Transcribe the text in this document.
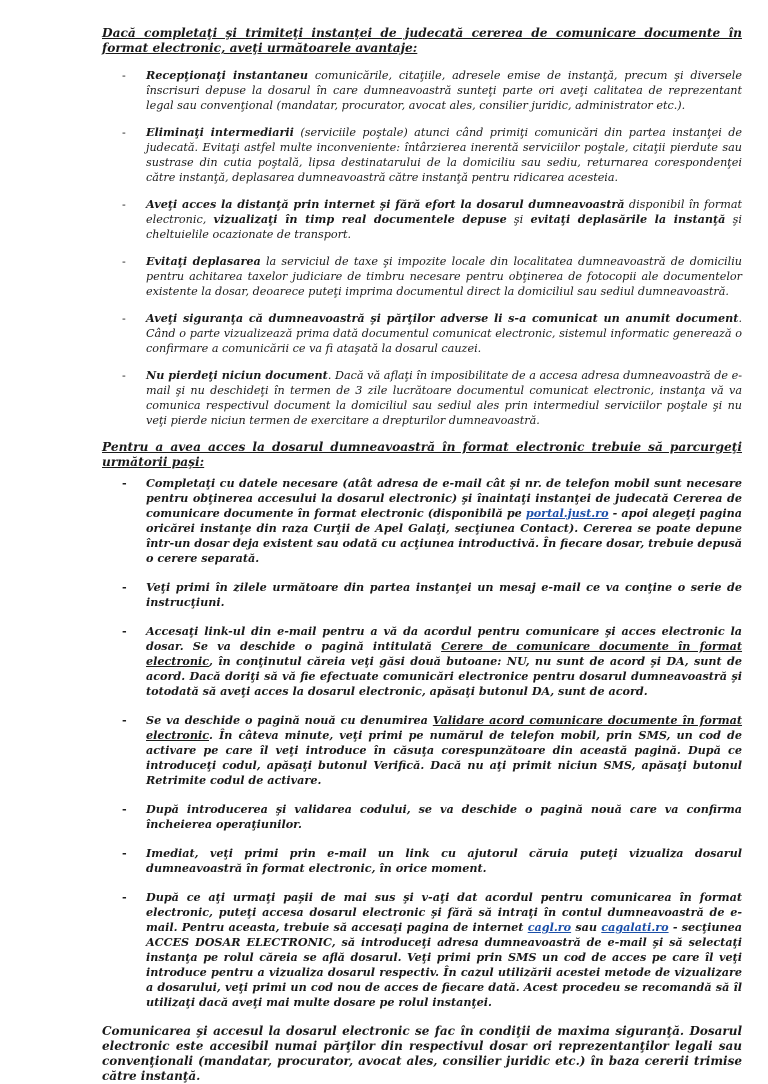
Dacă completaţi şi trimiteţi instanţei de judecată cererea de comunicare documente în format electronic, aveţi următoarele avantaje:

- Recepţionaţi instantaneu comunicările, citaţiile, adresele emise de instanţă, precum şi diversele înscrisuri depuse la dosarul în care dumneavoastră sunteţi parte ori aveţi calitatea de reprezentant legal sau convenţional (mandatar, procurator, avocat ales, consilier juridic, administrator etc.).
- Eliminaţi intermediarii (serviciile poştale) atunci când primiţi comunicări din partea instanţei de judecată. Evitaţi astfel multe inconveniente: întârzierea inerentă serviciilor poştale, citaţii pierdute sau sustrase din cutia poştală, lipsa destinatarului de la domiciliu sau sediu, returnarea corespondenţei către instanţă, deplasarea dumneavoastră către instanţă pentru ridicarea acesteia.
- Aveţi acces la distanţă prin internet şi fără efort la dosarul dumneavoastră disponibil în format electronic, vizualizaţi în timp real documentele depuse şi evitaţi deplasările la instanţă şi cheltuielile ocazionate de transport.
- Evitaţi deplasarea la serviciul de taxe şi impozite locale din localitatea dumneavoastră de domiciliu pentru achitarea taxelor judiciare de timbru necesare pentru obţinerea de fotocopii ale documentelor existente la dosar, deoarece puteţi imprima documentul direct la domiciliul sau sediul dumneavoastră.
- Aveţi siguranţa că dumneavoastră şi părţilor adverse li s-a comunicat un anumit document. Când o parte vizualizează prima dată documentul comunicat electronic, sistemul informatic generează o confirmare a comunicării ce va fi ataşată la dosarul cauzei.
- Nu pierdeţi niciun document. Dacă vă aflaţi în imposibilitate de a accesa adresa dumneavoastră de e-mail şi nu deschideţi în termen de 3 zile lucrătoare documentul comunicat electronic, instanţa vă va comunica respectivul document la domiciliul sau sediul ales prin intermediul serviciilor poştale şi nu veţi pierde niciun termen de exercitare a drepturilor dumneavoastră.

Pentru a avea acces la dosarul dumneavoastră în format electronic trebuie să parcurgeţi următorii paşi:

- Completaţi cu datele necesare (atât adresa de e-mail cât şi nr. de telefon mobil sunt necesare pentru obţinerea accesului la dosarul electronic) şi înaintaţi instanţei de judecată Cererea de comunicare documente în format electronic (disponibilă pe portal.just.ro - apoi alegeţi pagina oricărei instanţe din raza Curţii de Apel Galaţi, secţiunea Contact). Cererea se poate depune într-un dosar deja existent sau odată cu acţiunea introductivă. În fiecare dosar, trebuie depusă o cerere separată.
- Veţi primi în zilele următoare din partea instanţei un mesaj e-mail ce va conţine o serie de instrucţiuni.
- Accesaţi link-ul din e-mail pentru a vă da acordul pentru comunicare şi acces electronic la dosar. Se va deschide o pagină intitulată Cerere de comunicare documente în format electronic, în conţinutul căreia veţi găsi două butoane: NU, nu sunt de acord şi DA, sunt de acord. Dacă doriţi să vă fie efectuate comunicări electronice pentru dosarul dumneavoastră şi totodată să aveţi acces la dosarul electronic, apăsaţi butonul DA, sunt de acord.
- Se va deschide o pagină nouă cu denumirea Validare acord comunicare documente în format electronic. În câteva minute, veţi primi pe numărul de telefon mobil, prin SMS, un cod de activare pe care îl veţi introduce în căsuţa corespunzătoare din această pagină. După ce introduceţi codul, apăsaţi butonul Verifică. Dacă nu aţi primit niciun SMS, apăsaţi butonul Retrimite codul de activare.
- După introducerea şi validarea codului, se va deschide o pagină nouă care va confirma încheierea operaţiunilor.
- Imediat, veţi primi prin e-mail un link cu ajutorul căruia puteţi vizualiza dosarul dumneavoastră în format electronic, în orice moment.
- După ce aţi urmaţi paşii de mai sus şi v-aţi dat acordul pentru comunicarea în format electronic, puteţi accesa dosarul electronic şi fără să intraţi în contul dumneavoastră de e-mail. Pentru aceasta, trebuie să accesaţi pagina de internet cagl.ro sau cagalati.ro - secţiunea ACCES DOSAR ELECTRONIC, să introduceţi adresa dumneavoastră de e-mail şi să selectaţi instanţa pe rolul căreia se află dosarul. Veţi primi prin SMS un cod de acces pe care îl veţi introduce pentru a vizualiza dosarul respectiv. În cazul utilizării acestei metode de vizualizare a dosarului, veţi primi un cod nou de acces de fiecare dată. Acest procedeu se recomandă să îl utilizaţi dacă aveţi mai multe dosare pe rolul instanţei.

Comunicarea şi accesul la dosarul electronic se fac în condiţii de maxima siguranţă. Dosarul electronic este accesibil numai părţilor din respectivul dosar ori reprezentanţilor legali sau convenţionali (mandatar, procurator, avocat ales, consilier juridic etc.) în baza cererii trimise către instanţă.
